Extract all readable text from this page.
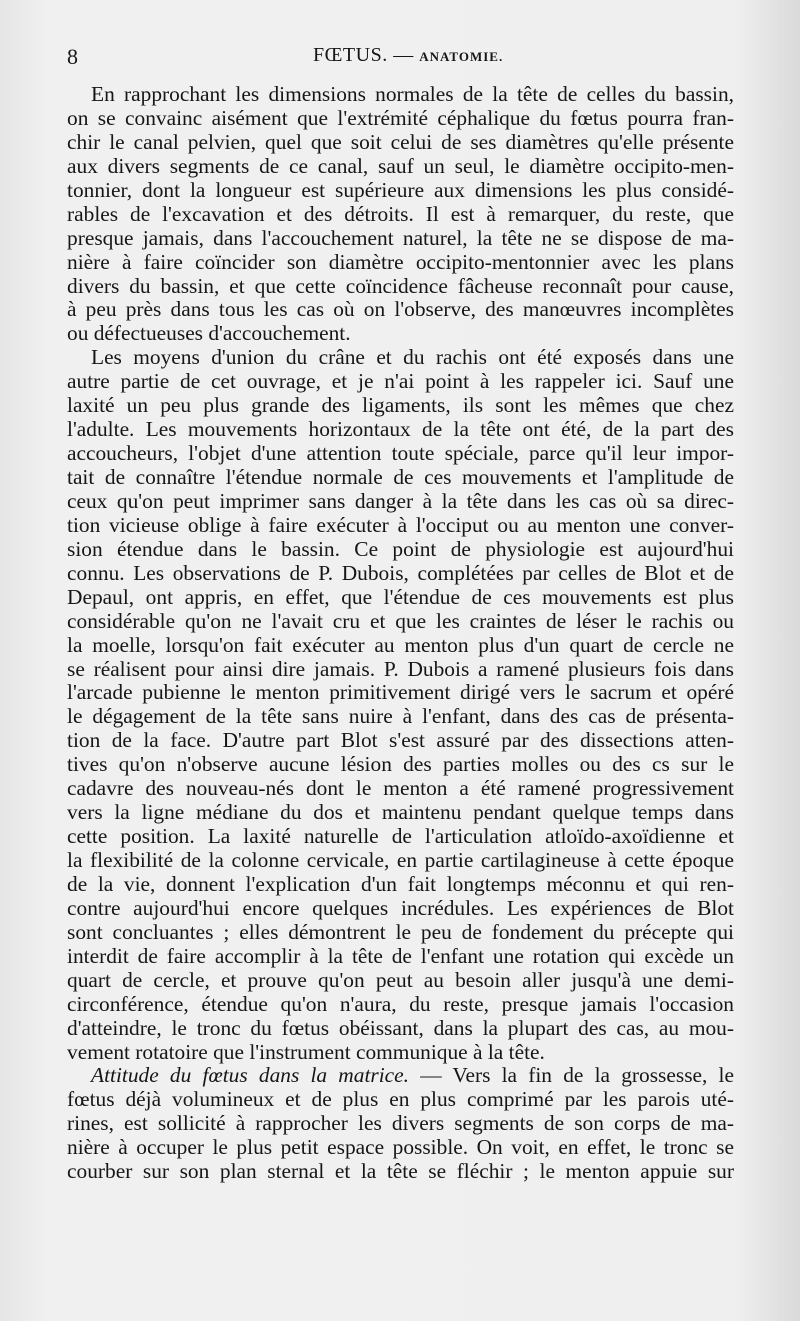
8	FŒTUS. — ANATOMIE.
En rapprochant les dimensions normales de la tête de celles du bassin,
on se convainc aisément que l'extrémité céphalique du fœtus pourra fran-
chir le canal pelvien, quel que soit celui de ses diamètres qu'elle présente
aux divers segments de ce canal, sauf un seul, le diamètre occipito-men-
tonnier, dont la longueur est supérieure aux dimensions les plus considé-
rables de l'excavation et des détroits. Il est à remarquer, du reste, que
presque jamais, dans l'accouchement naturel, la tête ne se dispose de ma-
nière à faire coïncider son diamètre occipito-mentonnier avec les plans
divers du bassin, et que cette coïncidence fâcheuse reconnaît pour cause,
à peu près dans tous les cas où on l'observe, des manœuvres incomplètes
ou défectueuses d'accouchement.
Les moyens d'union du crâne et du rachis ont été exposés dans une
autre partie de cet ouvrage, et je n'ai point à les rappeler ici. Sauf une
laxité un peu plus grande des ligaments, ils sont les mêmes que chez
l'adulte. Les mouvements horizontaux de la tête ont été, de la part des
accoucheurs, l'objet d'une attention toute spéciale, parce qu'il leur impor-
tait de connaître l'étendue normale de ces mouvements et l'amplitude de
ceux qu'on peut imprimer sans danger à la tête dans les cas où sa direc-
tion vicieuse oblige à faire exécuter à l'occiput ou au menton une conver-
sion étendue dans le bassin. Ce point de physiologie est aujourd'hui
connu. Les observations de P. Dubois, complétées par celles de Blot et de
Depaul, ont appris, en effet, que l'étendue de ces mouvements est plus
considérable qu'on ne l'avait cru et que les craintes de léser le rachis ou
la moelle, lorsqu'on fait exécuter au menton plus d'un quart de cercle ne
se réalisent pour ainsi dire jamais. P. Dubois a ramené plusieurs fois dans
l'arcade pubienne le menton primitivement dirigé vers le sacrum et opéré
le dégagement de la tête sans nuire à l'enfant, dans des cas de présenta-
tion de la face. D'autre part Blot s'est assuré par des dissections atten-
tives qu'on n'observe aucune lésion des parties molles ou des cs sur le
cadavre des nouveau-nés dont le menton a été ramené progressivement
vers la ligne médiane du dos et maintenu pendant quelque temps dans
cette position. La laxité naturelle de l'articulation atloïdo-axoïdienne et
la flexibilité de la colonne cervicale, en partie cartilagineuse à cette époque
de la vie, donnent l'explication d'un fait longtemps méconnu et qui ren-
contre aujourd'hui encore quelques incrédules. Les expériences de Blot
sont concluantes ; elles démontrent le peu de fondement du précepte qui
interdit de faire accomplir à la tête de l'enfant une rotation qui excède un
quart de cercle, et prouve qu'on peut au besoin aller jusqu'à une demi-
circonférence, étendue qu'on n'aura, du reste, presque jamais l'occasion
d'atteindre, le tronc du fœtus obéissant, dans la plupart des cas, au mou-
vement rotatoire que l'instrument communique à la tête.
Attitude du fœtus dans la matrice. — Vers la fin de la grossesse, le
fœtus déjà volumineux et de plus en plus comprimé par les parois uté-
rines, est sollicité à rapprocher les divers segments de son corps de ma-
nière à occuper le plus petit espace possible. On voit, en effet, le tronc se
courber sur son plan sternal et la tête se fléchir ; le menton appuie sur
